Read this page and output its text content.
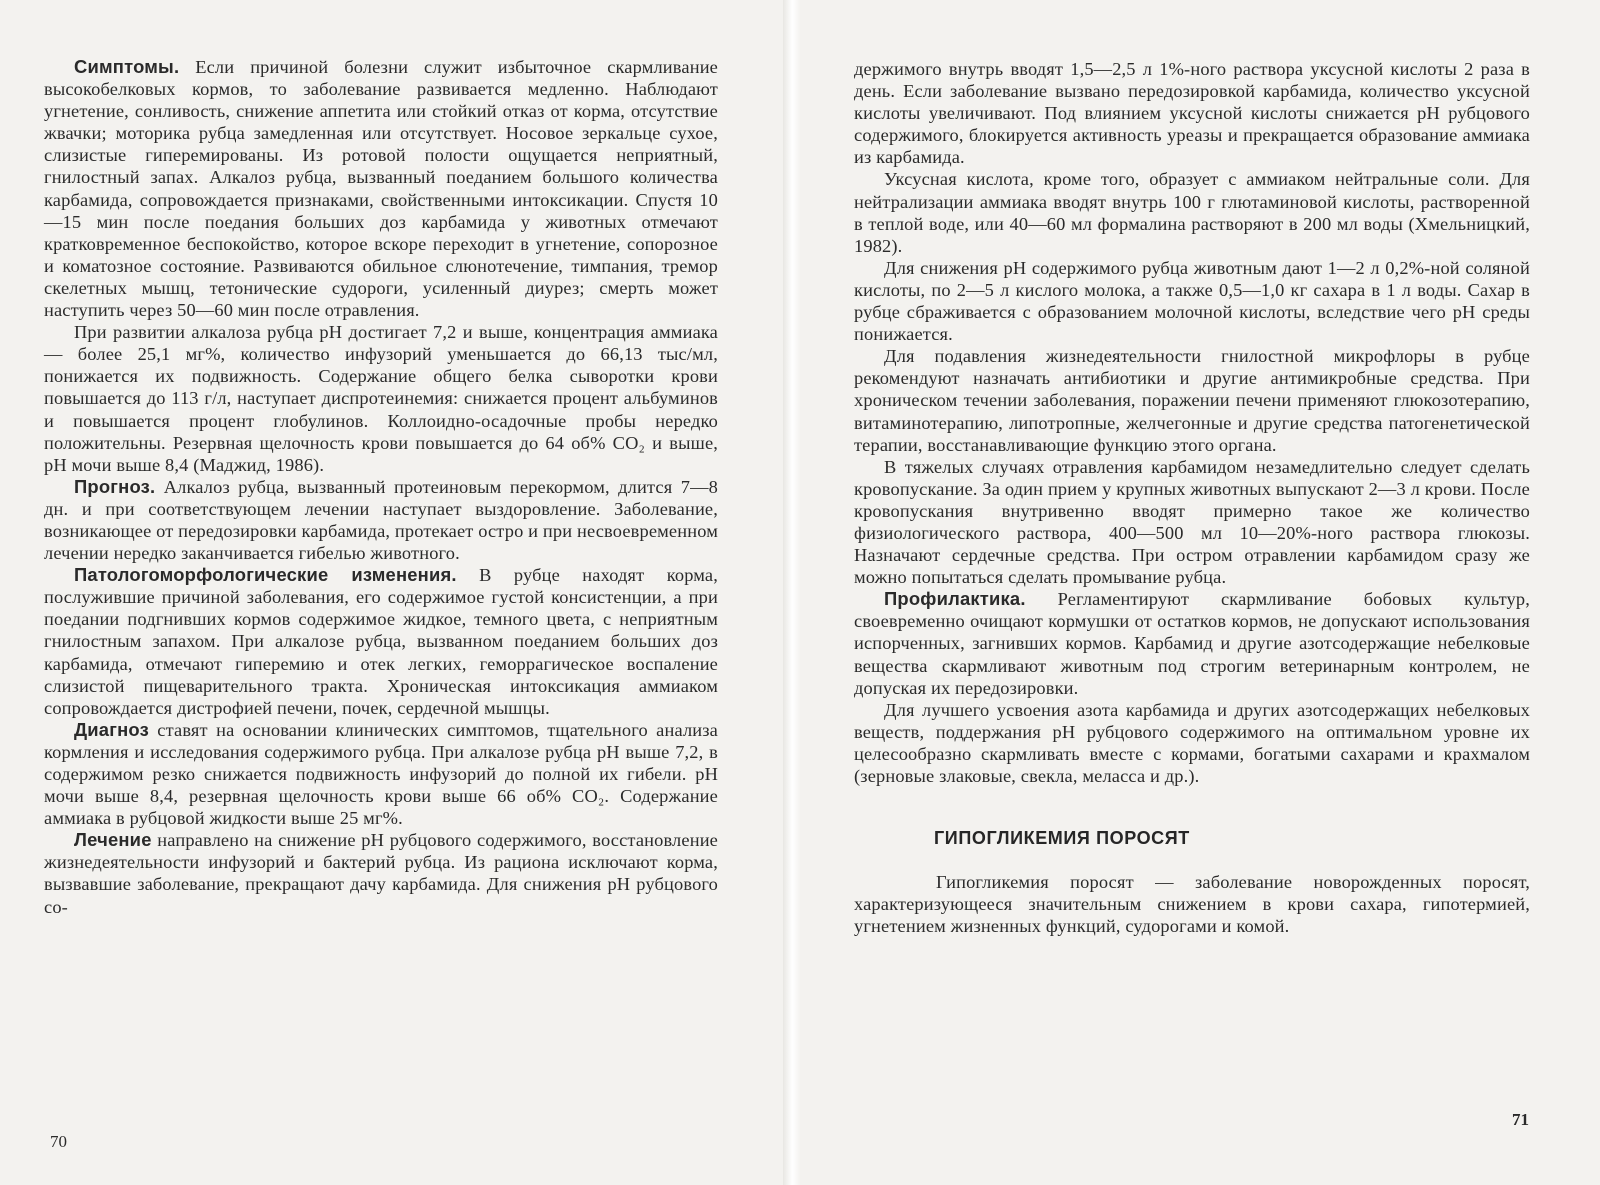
Симптомы. Если причиной болезни служит избыточное скармливание высокобелковых кормов, то заболевание развивается медленно. Наблюдают угнетение, сонливость, снижение аппетита или стойкий отказ от корма, отсутствие жвачки; моторика рубца замедленная или отсутствует. Носовое зеркальце сухое, слизистые гиперемированы. Из ротовой полости ощущается неприятный, гнилостный запах. Алкалоз рубца, вызванный поеданием большого количества карбамида, сопровождается признаками, свойственными интоксикации. Спустя 10—15 мин после поедания больших доз карбамида у животных отмечают кратковременное беспокойство, которое вскоре переходит в угнетение, сопорозное и коматозное состояние. Развиваются обильное слюнотечение, тимпания, тремор скелетных мышц, тетонические судороги, усиленный диурез; смерть может наступить через 50—60 мин после отравления.

При развитии алкалоза рубца pH достигает 7,2 и выше, концентрация аммиака — более 25,1 мг%, количество инфузорий уменьшается до 66,13 тыс/мл, понижается их подвижность. Содержание общего белка сыворотки крови повышается до 113 г/л, наступает диспротеинемия: снижается процент альбуминов и повышается процент глобулинов. Коллоидно-осадочные пробы нередко положительны. Резервная щелочность крови повышается до 64 об% CO₂ и выше, pH мочи выше 8,4 (Маджид, 1986).

Прогноз. Алкалоз рубца, вызванный протеиновым перекормом, длится 7—8 дн. и при соответствующем лечении наступает выздоровление. Заболевание, возникающее от передозировки карбамида, протекает остро и при несвоевременном лечении нередко заканчивается гибелью животного.

Патологоморфологические изменения. В рубце находят корма, послужившие причиной заболевания, его содержимое густой консистенции, а при поедании подгнивших кормов содержимое жидкое, темного цвета, с неприятным гнилостным запахом. При алкалозе рубца, вызванном поеданием больших доз карбамида, отмечают гиперемию и отек легких, геморрагическое воспаление слизистой пищеварительного тракта. Хроническая интоксикация аммиаком сопровождается дистрофией печени, почек, сердечной мышцы.

Диагноз ставят на основании клинических симптомов, тщательного анализа кормления и исследования содержимого рубца. При алкалозе рубца pH выше 7,2, в содержимом резко снижается подвижность инфузорий до полной их гибели. pH мочи выше 8,4, резервная щелочность крови выше 66 об% CO₂. Содержание аммиака в рубцовой жидкости выше 25 мг%.

Лечение направлено на снижение pH рубцового содержимого, восстановление жизнедеятельности инфузорий и бактерий рубца. Из рациона исключают корма, вызвавшие заболевание, прекращают дачу карбамида. Для снижения pH рубцового со-

70

держимого внутрь вводят 1,5—2,5 л 1%-ного раствора уксусной кислоты 2 раза в день. Если заболевание вызвано передозировкой карбамида, количество уксусной кислоты увеличивают. Под влиянием уксусной кислоты снижается pH рубцового содержимого, блокируется активность уреазы и прекращается образование аммиака из карбамида.

Уксусная кислота, кроме того, образует с аммиаком нейтральные соли. Для нейтрализации аммиака вводят внутрь 100 г глютаминовой кислоты, растворенной в теплой воде, или 40—60 мл формалина растворяют в 200 мл воды (Хмельницкий, 1982).

Для снижения pH содержимого рубца животным дают 1—2 л 0,2%-ной соляной кислоты, по 2—5 л кислого молока, а также 0,5—1,0 кг сахара в 1 л воды. Сахар в рубце сбраживается с образованием молочной кислоты, вследствие чего pH среды понижается.

Для подавления жизнедеятельности гнилостной микрофлоры в рубце рекомендуют назначать антибиотики и другие антимикробные средства. При хроническом течении заболевания, поражении печени применяют глюкозотерапию, витаминотерапию, липотропные, желчегонные и другие средства патогенетической терапии, восстанавливающие функцию этого органа.

В тяжелых случаях отравления карбамидом незамедлительно следует сделать кровопускание. За один прием у крупных животных выпускают 2—3 л крови. После кровопускания внутривенно вводят примерно такое же количество физиологического раствора, 400—500 мл 10—20%-ного раствора глюкозы. Назначают сердечные средства. При остром отравлении карбамидом сразу же можно попытаться сделать промывание рубца.

Профилактика. Регламентируют скармливание бобовых культур, своевременно очищают кормушки от остатков кормов, не допускают использования испорченных, загнивших кормов. Карбамид и другие азотсодержащие небелковые вещества скармливают животным под строгим ветеринарным контролем, не допуская их передозировки.

Для лучшего усвоения азота карбамида и других азотсодержащих небелковых веществ, поддержания pH рубцового содержимого на оптимальном уровне их целесообразно скармливать вместе с кормами, богатыми сахарами и крахмалом (зерновые злаковые, свекла, меласса и др.).

ГИПОГЛИКЕМИЯ ПОРОСЯТ

Гипогликемия поросят — заболевание новорожденных поросят, характеризующееся значительным снижением в крови сахара, гипотермией, угнетением жизненных функций, судорогами и комой.

71
